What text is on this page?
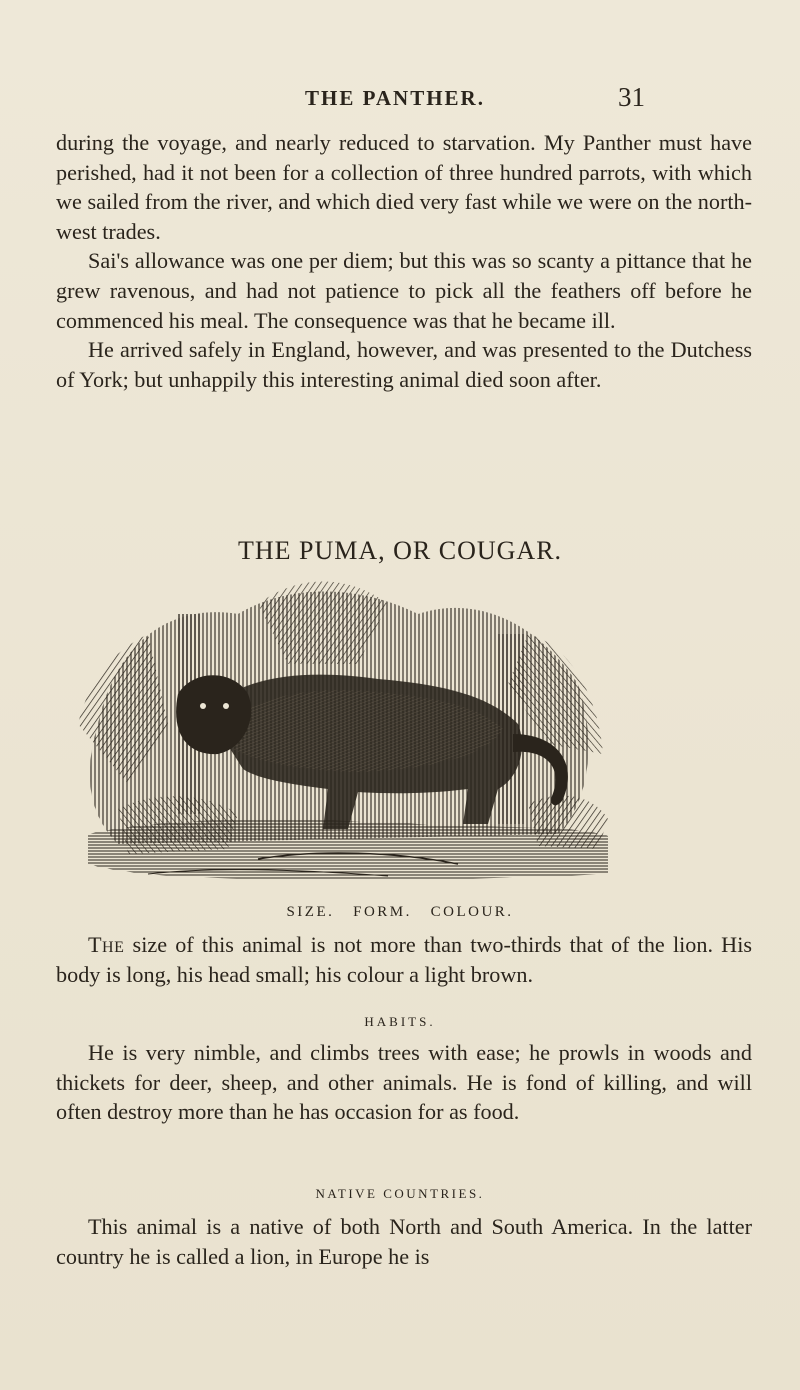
THE PANTHER.	31

during the voyage, and nearly reduced to starvation. My Panther must have perished, had it not been for a collection of three hundred parrots, with which we sailed from the river, and which died very fast while we were on the north-west trades.

Sai's allowance was one per diem; but this was so scanty a pittance that he grew ravenous, and had not patience to pick all the feathers off before he commenced his meal. The consequence was that he became ill.

He arrived safely in England, however, and was presented to the Dutchess of York; but unhappily this interesting animal died soon after.

THE PUMA, OR COUGAR.
SIZE.   FORM.   COLOUR.

The size of this animal is not more than two-thirds that of the lion. His body is long, his head small; his colour a light brown.

HABITS.

He is very nimble, and climbs trees with ease; he prowls in woods and thickets for deer, sheep, and other animals. He is fond of killing, and will often destroy more than he has occasion for as food.

NATIVE COUNTRIES.

This animal is a native of both North and South America. In the latter country he is called a lion, in Europe he is
